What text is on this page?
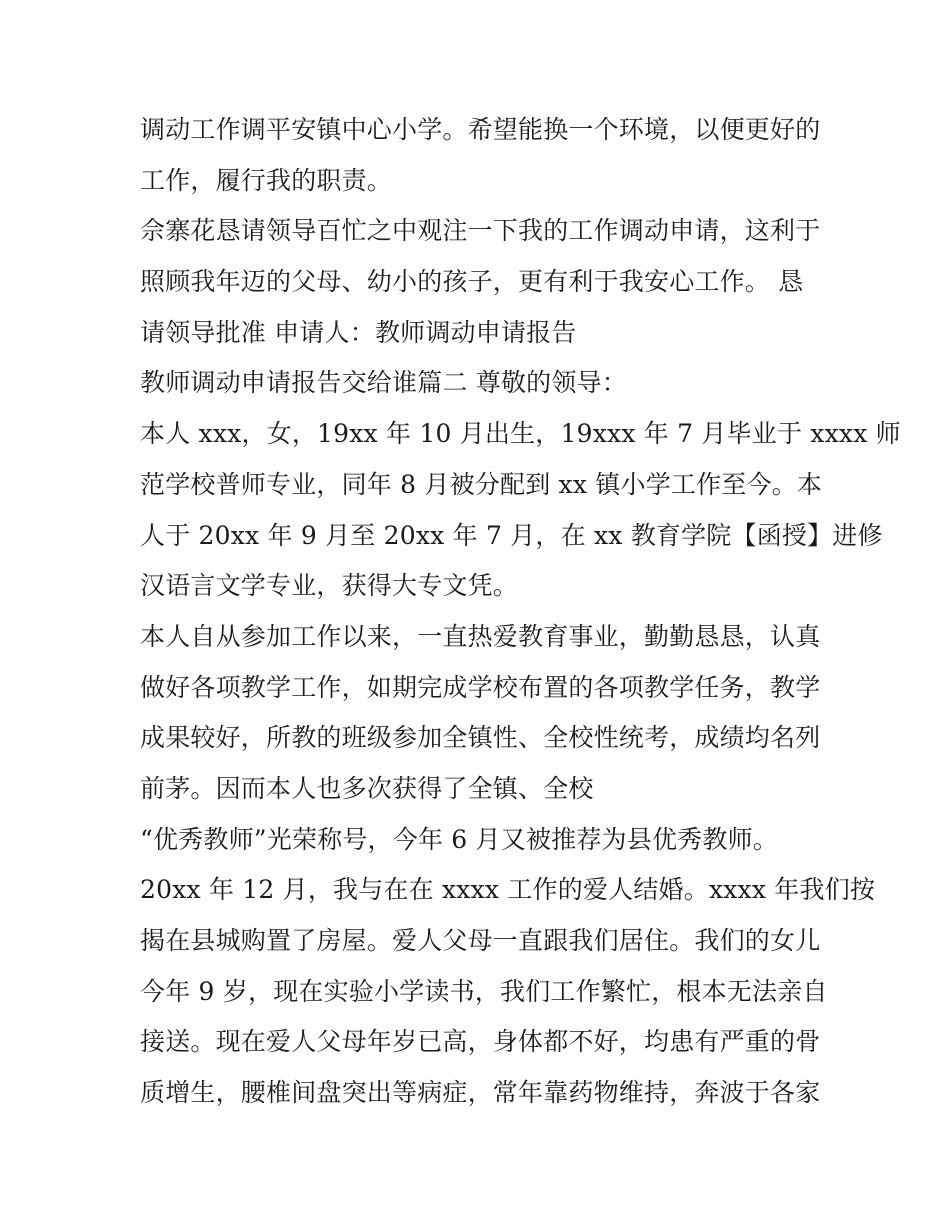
调动工作调平安镇中心小学。希望能换一个环境，以便更好的
工作，履行我的职责。
佘寨花恳请领导百忙之中观注一下我的工作调动申请，这利于
照顾我年迈的父母、幼小的孩子，更有利于我安心工作。 恳
请领导批准 申请人：教师调动申请报告
教师调动申请报告交给谁篇二 尊敬的领导：
本人 xxx，女，19xx 年 10 月出生，19xxx 年 7 月毕业于 xxxx 师
范学校普师专业，同年 8 月被分配到 xx 镇小学工作至今。本
人于 20xx 年 9 月至 20xx 年 7 月，在 xx 教育学院【函授】进修
汉语言文学专业，获得大专文凭。
本人自从参加工作以来，一直热爱教育事业，勤勤恳恳，认真
做好各项教学工作，如期完成学校布置的各项教学任务，教学
成果较好，所教的班级参加全镇性、全校性统考，成绩均名列
前茅。因而本人也多次获得了全镇、全校
“优秀教师”光荣称号，今年 6 月又被推荐为县优秀教师。
20xx 年 12 月，我与在在 xxxx 工作的爱人结婚。xxxx 年我们按
揭在县城购置了房屋。爱人父母一直跟我们居住。我们的女儿
今年 9 岁，现在实验小学读书，我们工作繁忙，根本无法亲自
接送。现在爱人父母年岁已高，身体都不好，均患有严重的骨
质增生，腰椎间盘突出等病症，常年靠药物维持，奔波于各家
